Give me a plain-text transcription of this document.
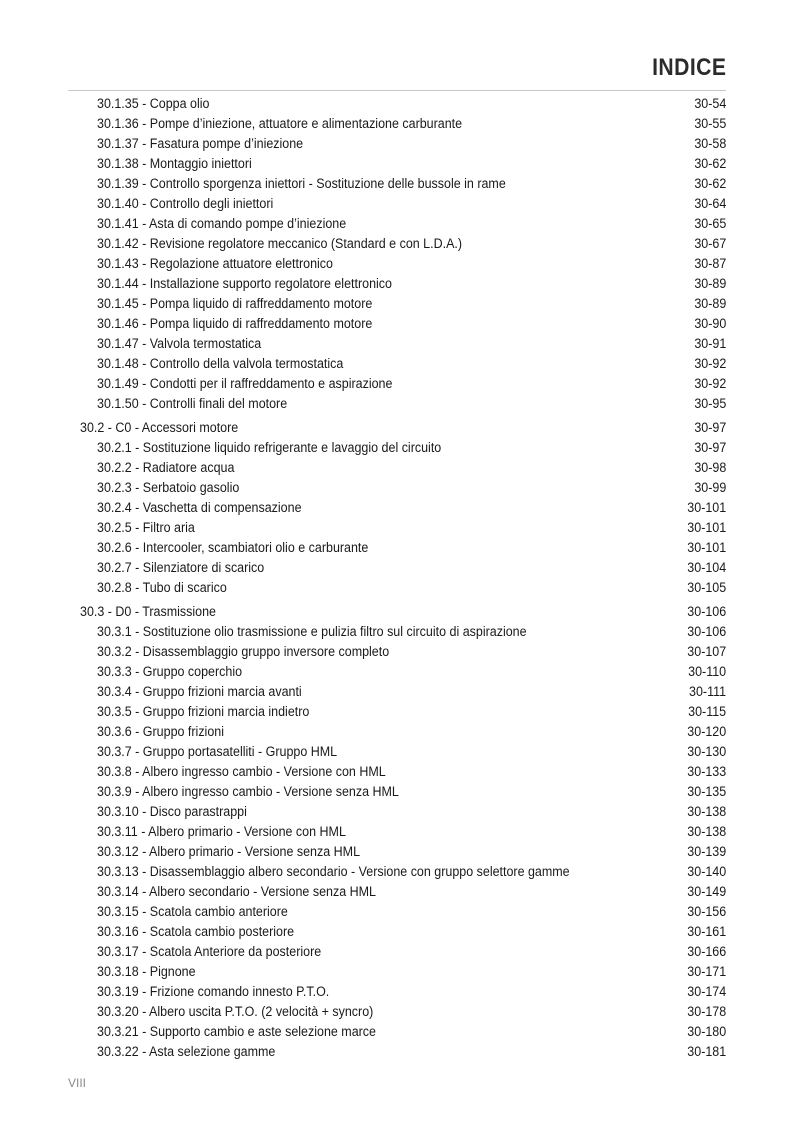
INDICE
30.1.35 - Coppa olio	30-54
30.1.36 - Pompe d’iniezione, attuatore e alimentazione carburante	30-55
30.1.37 - Fasatura pompe d’iniezione	30-58
30.1.38 - Montaggio iniettori	30-62
30.1.39 - Controllo sporgenza iniettori - Sostituzione delle bussole in rame	30-62
30.1.40 - Controllo degli iniettori	30-64
30.1.41 - Asta di comando pompe d’iniezione	30-65
30.1.42 - Revisione regolatore meccanico (Standard e con L.D.A.)	30-67
30.1.43 - Regolazione attuatore elettronico	30-87
30.1.44 - Installazione supporto regolatore elettronico	30-89
30.1.45 - Pompa liquido di raffreddamento motore	30-89
30.1.46 - Pompa liquido di raffreddamento motore	30-90
30.1.47 - Valvola termostatica	30-91
30.1.48 - Controllo della valvola termostatica	30-92
30.1.49 - Condotti per il raffreddamento e aspirazione	30-92
30.1.50 - Controlli finali del motore	30-95
30.2 - C0 - Accessori motore	30-97
30.2.1 - Sostituzione liquido refrigerante e lavaggio del circuito	30-97
30.2.2 - Radiatore acqua	30-98
30.2.3 - Serbatoio gasolio	30-99
30.2.4 - Vaschetta di compensazione	30-101
30.2.5 - Filtro aria	30-101
30.2.6 - Intercooler, scambiatori olio e carburante	30-101
30.2.7 - Silenziatore di scarico	30-104
30.2.8 - Tubo di scarico	30-105
30.3 - D0 - Trasmissione	30-106
30.3.1 - Sostituzione olio trasmissione e pulizia filtro sul circuito di aspirazione	30-106
30.3.2 - Disassemblaggio gruppo inversore completo	30-107
30.3.3 - Gruppo coperchio	30-110
30.3.4 - Gruppo frizioni marcia avanti	30-111
30.3.5 - Gruppo frizioni marcia indietro	30-115
30.3.6 - Gruppo frizioni	30-120
30.3.7 - Gruppo portasatelliti - Gruppo HML	30-130
30.3.8 - Albero ingresso cambio - Versione con HML	30-133
30.3.9 - Albero ingresso cambio - Versione senza HML	30-135
30.3.10 - Disco parastrappi	30-138
30.3.11 - Albero primario - Versione con HML	30-138
30.3.12 - Albero primario - Versione senza HML	30-139
30.3.13 - Disassemblaggio albero secondario - Versione con gruppo selettore gamme	30-140
30.3.14 - Albero secondario - Versione senza HML	30-149
30.3.15 - Scatola cambio anteriore	30-156
30.3.16 - Scatola cambio posteriore	30-161
30.3.17 - Scatola Anteriore da posteriore	30-166
30.3.18 - Pignone	30-171
30.3.19 - Frizione comando innesto P.T.O.	30-174
30.3.20 - Albero uscita P.T.O. (2 velocità + syncro)	30-178
30.3.21 - Supporto cambio e aste selezione marce	30-180
30.3.22 - Asta selezione gamme	30-181
VIII
